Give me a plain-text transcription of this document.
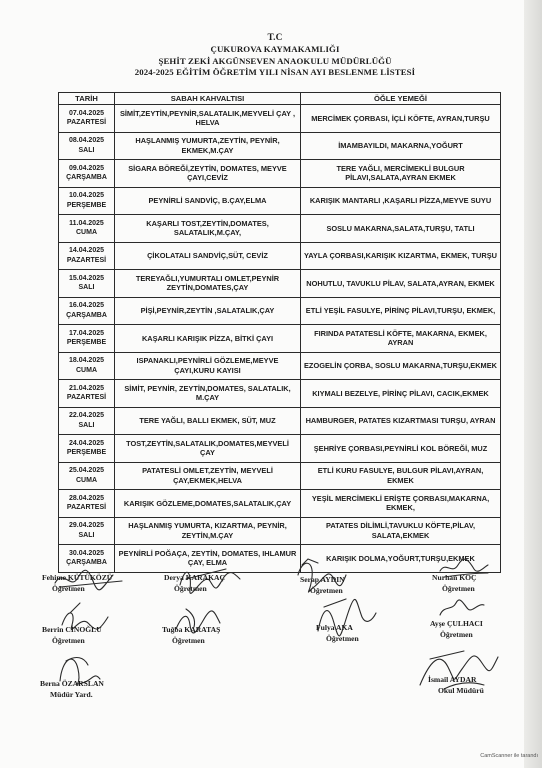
T.C
ÇUKUROVA KAYMAKAMLIĞI
ŞEHİT ZEKİ AKGÜNSEVEN ANAOKULU MÜDÜRLÜĞÜ
2024-2025 EĞİTİM ÖĞRETİM YILI NİSAN AYI BESLENME LİSTESİ
TARİH	SABAH KAHVALTISI	ÖĞLE YEMEĞİ

07.04.2025
PAZARTESİ	SİMİT,ZEYTİN,PEYNİR,SALATALIK,MEYVELİ ÇAY , HELVA	MERCİMEK ÇORBASI, İÇLİ KÖFTE, AYRAN,TURŞU

08.04.2025
SALI	HAŞLANMIŞ YUMURTA,ZEYTİN, PEYNİR, EKMEK,M.ÇAY	İMAMBAYILDI, MAKARNA,YOĞURT

09.04.2025
ÇARŞAMBA	SİGARA BÖREĞİ,ZEYTİN, DOMATES, MEYVE ÇAYI,CEVİZ	TERE YAĞLI, MERCİMEKLİ BULGUR PİLAVI,SALATA,AYRAN EKMEK

10.04.2025
PERŞEMBE	PEYNİRLİ SANDVİÇ, B.ÇAY,ELMA	KARIŞIK MANTARLI ,KAŞARLI PİZZA,MEYVE SUYU

11.04.2025
CUMA	KAŞARLI TOST,ZEYTİN,DOMATES, SALATALIK,M.ÇAY,	SOSLU MAKARNA,SALATA,TURŞU, TATLI

14.04.2025
PAZARTESİ	ÇİKOLATALI SANDVİÇ,SÜT, CEVİZ	YAYLA ÇORBASI,KARIŞIK KIZARTMA, EKMEK, TURŞU

15.04.2025
SALI	TEREYAĞLI,YUMURTALI OMLET,PEYNİR ZEYTİN,DOMATES,ÇAY	NOHUTLU, TAVUKLU PİLAV, SALATA,AYRAN, EKMEK

16.04.2025
ÇARŞAMBA	PİŞİ,PEYNİR,ZEYTİN ,SALATALIK,ÇAY	ETLİ YEŞİL FASULYE, PİRİNÇ PİLAVI,TURŞU, EKMEK,

17.04.2025
PERŞEMBE	KAŞARLI KARIŞIK PİZZA, BİTKİ ÇAYI	FIRINDA PATATESLİ KÖFTE, MAKARNA, EKMEK, AYRAN

18.04.2025
CUMA	ISPANAKLI,PEYNİRLİ GÖZLEME,MEYVE ÇAYI,KURU KAYISI	EZOGELİN ÇORBA, SOSLU MAKARNA,TURŞU,EKMEK

21.04.2025
PAZARTESİ	SİMİT, PEYNİR, ZEYTİN,DOMATES, SALATALIK, M.ÇAY	KIYMALI BEZELYE, PİRİNÇ PİLAVI, CACIK,EKMEK

22.04.2025
SALI	TERE YAĞLI, BALLI EKMEK, SÜT, MUZ	HAMBURGER, PATATES KIZARTMASI TURŞU, AYRAN

24.04.2025
PERŞEMBE	TOST,ZEYTİN,SALATALIK,DOMATES,MEYVELİ ÇAY	ŞEHRİYE ÇORBASI,PEYNİRLİ KOL BÖREĞİ, MUZ

25.04.2025
CUMA	PATATESLİ OMLET,ZEYTİN, MEYVELİ ÇAY,EKMEK,HELVA	ETLİ KURU FASULYE, BULGUR PİLAVI,AYRAN, EKMEK

28.04.2025
PAZARTESİ	KARIŞIK GÖZLEME,DOMATES,SALATALIK,ÇAY	YEŞİL MERCİMEKLİ ERİŞTE ÇORBASI,MAKARNA, EKMEK,

29.04.2025
SALI	HAŞLANMIŞ YUMURTA, KIZARTMA, PEYNİR, ZEYTİN,M.ÇAY	PATATES DİLİMLİ,TAVUKLU KÖFTE,PİLAV, SALATA,EKMEK

30.04.2025
ÇARŞAMBA	PEYNİRLİ POĞAÇA, ZEYTİN, DOMATES, IHLAMUR ÇAY, ELMA	KARIŞIK DOLMA,YOĞURT,TURŞU,EKMEK
Fehime KÜTÜKÖZÜ
Öğretmen
Derya KARAKAÇ
Öğretmen
Serap AYDIN
Öğretmen
Nurhan KOÇ
Öğretmen
Berrin CİNOĞLU
Öğretmen
Tuğba KARATAŞ
Öğretmen
Fulya AKA
Öğretmen
Ayşe ÇULHACI
Öğretmen
Berna ÖZARSLAN
Müdür Yard.
İsmail AYDAR
Okul Müdürü
CamScanner ile tarandı
